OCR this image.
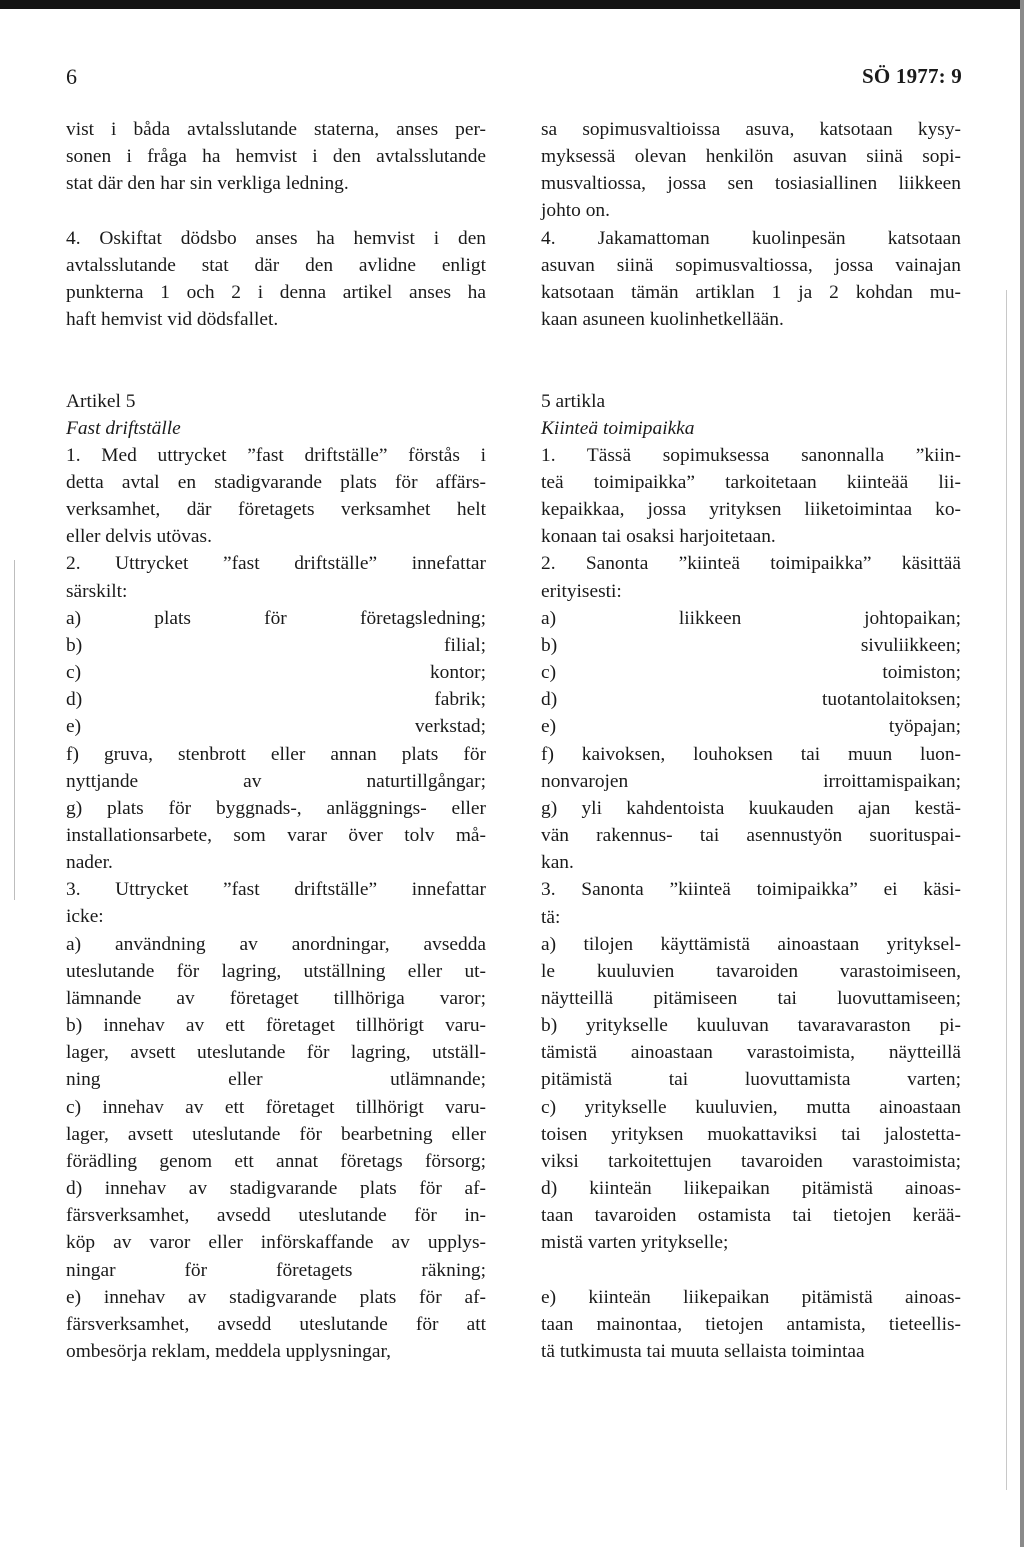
6	SÖ 1977: 9
vist i båda avtalsslutande staterna, anses per-
sonen i fråga ha hemvist i den avtalsslutande
stat där den har sin verkliga ledning.
4. Oskiftat dödsbo anses ha hemvist i den
avtalsslutande stat där den avlidne enligt
punkterna 1 och 2 i denna artikel anses ha
haft hemvist vid dödsfallet.
Artikel 5
Fast driftställe
1. Med uttrycket ”fast driftställe” förstås i
detta avtal en stadigvarande plats för affärs-
verksamhet, där företagets verksamhet helt
eller delvis utövas.
2. Uttrycket ”fast driftställe” innefattar
särskilt:
a) plats för företagsledning;
b) filial;
c) kontor;
d) fabrik;
e) verkstad;
f) gruva, stenbrott eller annan plats för
nyttjande av naturtillgångar;
g) plats för byggnads-, anläggnings- eller
installationsarbete, som varar över tolv må-
nader.
3. Uttrycket ”fast driftställe” innefattar
icke:
a) användning av anordningar, avsedda
uteslutande för lagring, utställning eller ut-
lämnande av företaget tillhöriga varor;
b) innehav av ett företaget tillhörigt varu-
lager, avsett uteslutande för lagring, utställ-
ning eller utlämnande;
c) innehav av ett företaget tillhörigt varu-
lager, avsett uteslutande för bearbetning eller
förädling genom ett annat företags försorg;
d) innehav av stadigvarande plats för af-
färsverksamhet, avsedd uteslutande för in-
köp av varor eller införskaffande av upplys-
ningar för företagets räkning;
e) innehav av stadigvarande plats för af-
färsverksamhet, avsedd uteslutande för att
ombesörja reklam, meddela upplysningar,
sa sopimusvaltioissa asuva, katsotaan kysy-
myksessä olevan henkilön asuvan siinä sopi-
musvaltiossa, jossa sen tosiasiallinen liikkeen
johto on.
4. Jakamattoman kuolinpesän katsotaan
asuvan siinä sopimusvaltiossa, jossa vainajan
katsotaan tämän artiklan 1 ja 2 kohdan mu-
kaan asuneen kuolinhetkellään.
5 artikla
Kiinteä toimipaikka
1. Tässä sopimuksessa sanonnalla ”kiin-
teä toimipaikka” tarkoitetaan kiinteää lii-
kepaikkaa, jossa yrityksen liiketoimintaa ko-
konaan tai osaksi harjoitetaan.
2. Sanonta ”kiinteä toimipaikka” käsittää
erityisesti:
a) liikkeen johtopaikan;
b) sivuliikkeen;
c) toimiston;
d) tuotantolaitoksen;
e) työpajan;
f) kaivoksen, louhoksen tai muun luon-
nonvarojen irroittamispaikan;
g) yli kahdentoista kuukauden ajan kestä-
vän rakennus- tai asennustyön suorituspai-
kan.
3. Sanonta ”kiinteä toimipaikka” ei käsi-
tä:
a) tilojen käyttämistä ainoastaan yrityksel-
le kuuluvien tavaroiden varastoimiseen,
näytteillä pitämiseen tai luovuttamiseen;
b) yritykselle kuuluvan tavaravaraston pi-
tämistä ainoastaan varastoimista, näytteillä
pitämistä tai luovuttamista varten;
c) yritykselle kuuluvien, mutta ainoastaan
toisen yrityksen muokattaviksi tai jalostetta-
viksi tarkoitettujen tavaroiden varastoimista;
d) kiinteän liikepaikan pitämistä ainoas-
taan tavaroiden ostamista tai tietojen kerää-
mistä varten yritykselle;
e) kiinteän liikepaikan pitämistä ainoas-
taan mainontaa, tietojen antamista, tieteellis-
tä tutkimusta tai muuta sellaista toimintaa
